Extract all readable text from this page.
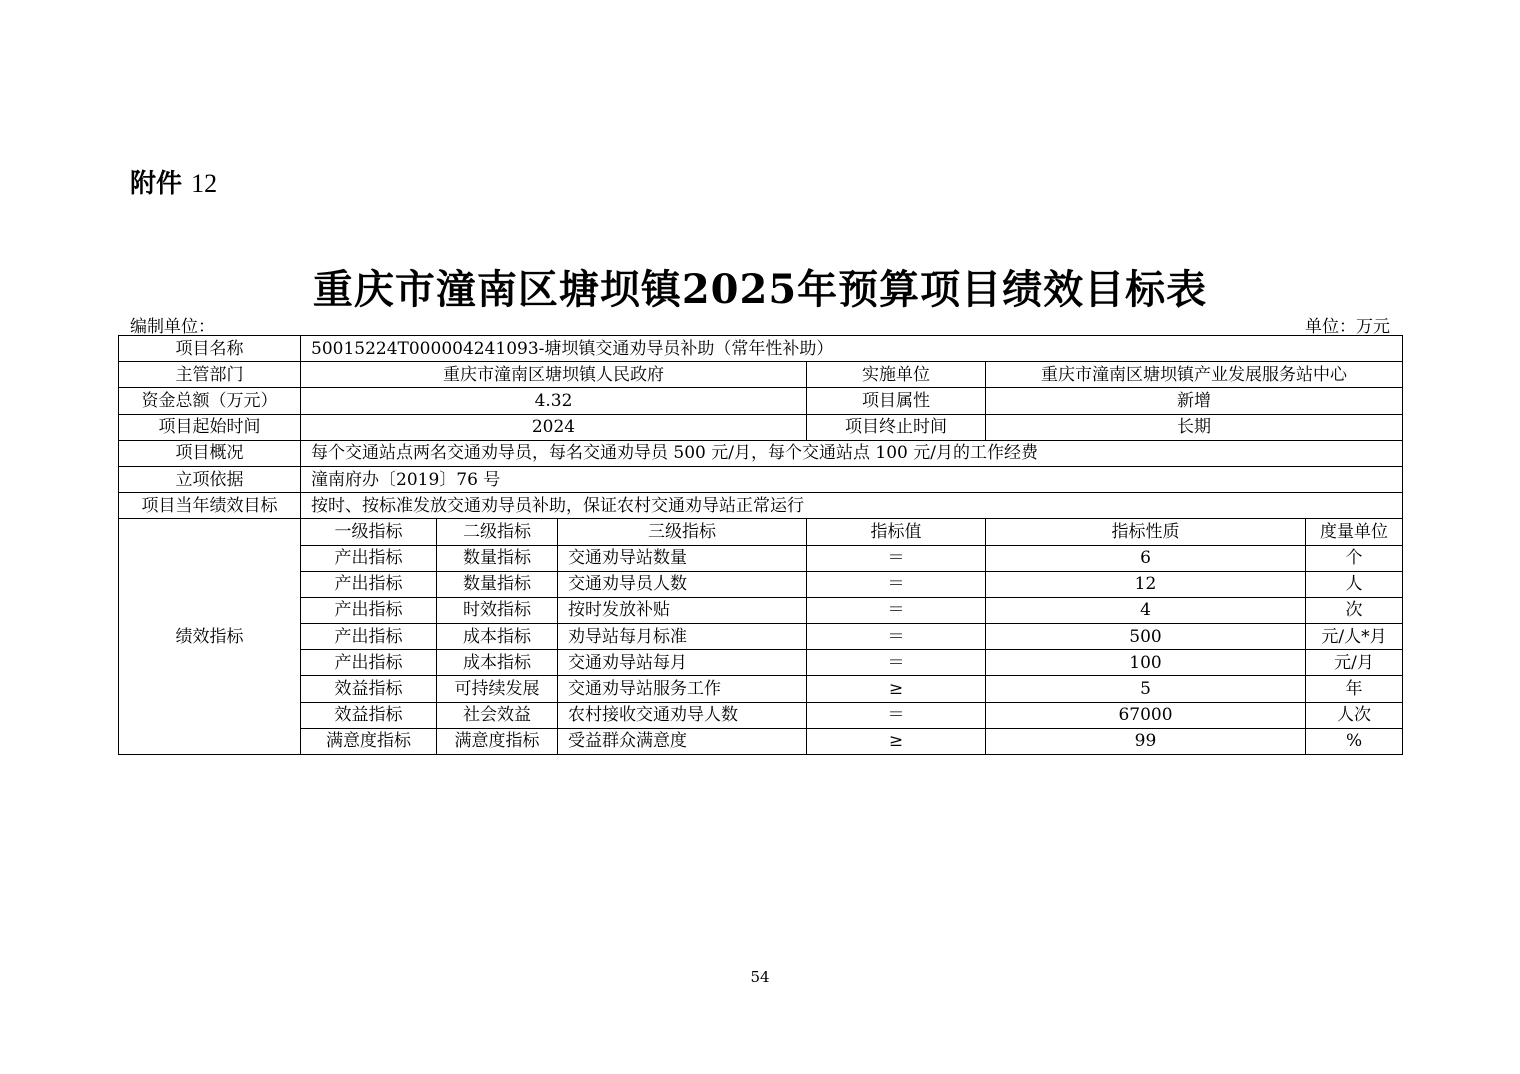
附件 12
重庆市潼南区塘坝镇2025年预算项目绩效目标表
编制单位：	单位：万元
项目名称	50015224T000004241093-塘坝镇交通劝导员补助（常年性补助）					
主管部门	重庆市潼南区塘坝镇人民政府			实施单位	重庆市潼南区塘坝镇产业发展服务站中心	
资金总额（万元）	4.32			项目属性	新增	
项目起始时间	2024			项目终止时间	长期	
项目概况	每个交通站点两名交通劝导员，每名交通劝导员 500 元/月，每个交通站点 100 元/月的工作经费					
立项依据	潼南府办〔2019〕76 号					
项目当年绩效目标	按时、按标准发放交通劝导员补助，保证农村交通劝导站正常运行					
绩效指标	一级指标	二级指标	三级指标	指标值	指标性质	度量单位
	产出指标	数量指标	交通劝导站数量	＝	6	个
	产出指标	数量指标	交通劝导员人数	＝	12	人
	产出指标	时效指标	按时发放补贴	＝	4	次
	产出指标	成本指标	劝导站每月标准	＝	500	元/人*月
	产出指标	成本指标	交通劝导站每月	＝	100	元/月
	效益指标	可持续发展	交通劝导站服务工作	≥	5	年
	效益指标	社会效益	农村接收交通劝导人数	＝	67000	人次
	满意度指标	满意度指标	受益群众满意度	≥	99	%
54
